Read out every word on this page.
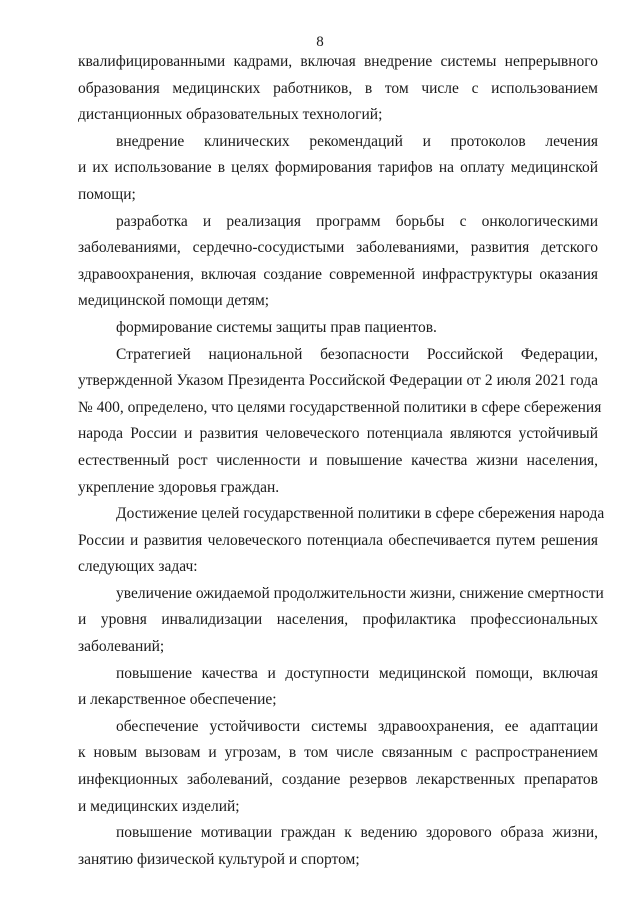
8

квалифицированными кадрами, включая внедрение системы непрерывного
образования медицинских работников, в том числе с использованием
дистанционных образовательных технологий;

внедрение клинических рекомендаций и протоколов лечения
и их использование в целях формирования тарифов на оплату медицинской
помощи;

разработка и реализация программ борьбы с онкологическими
заболеваниями, сердечно-сосудистыми заболеваниями, развития детского
здравоохранения, включая создание современной инфраструктуры оказания
медицинской помощи детям;

формирование системы защиты прав пациентов.

Стратегией национальной безопасности Российской Федерации,
утвержденной Указом Президента Российской Федерации от 2 июля 2021 года
№ 400, определено, что целями государственной политики в сфере сбережения
народа России и развития человеческого потенциала являются устойчивый
естественный рост численности и повышение качества жизни населения,
укрепление здоровья граждан.

Достижение целей государственной политики в сфере сбережения народа
России и развития человеческого потенциала обеспечивается путем решения
следующих задач:

увеличение ожидаемой продолжительности жизни, снижение смертности
и уровня инвалидизации населения, профилактика профессиональных
заболеваний;

повышение качества и доступности медицинской помощи, включая
и лекарственное обеспечение;

обеспечение устойчивости системы здравоохранения, ее адаптации
к новым вызовам и угрозам, в том числе связанным с распространением
инфекционных заболеваний, создание резервов лекарственных препаратов
и медицинских изделий;

повышение мотивации граждан к ведению здорового образа жизни,
занятию физической культурой и спортом;
